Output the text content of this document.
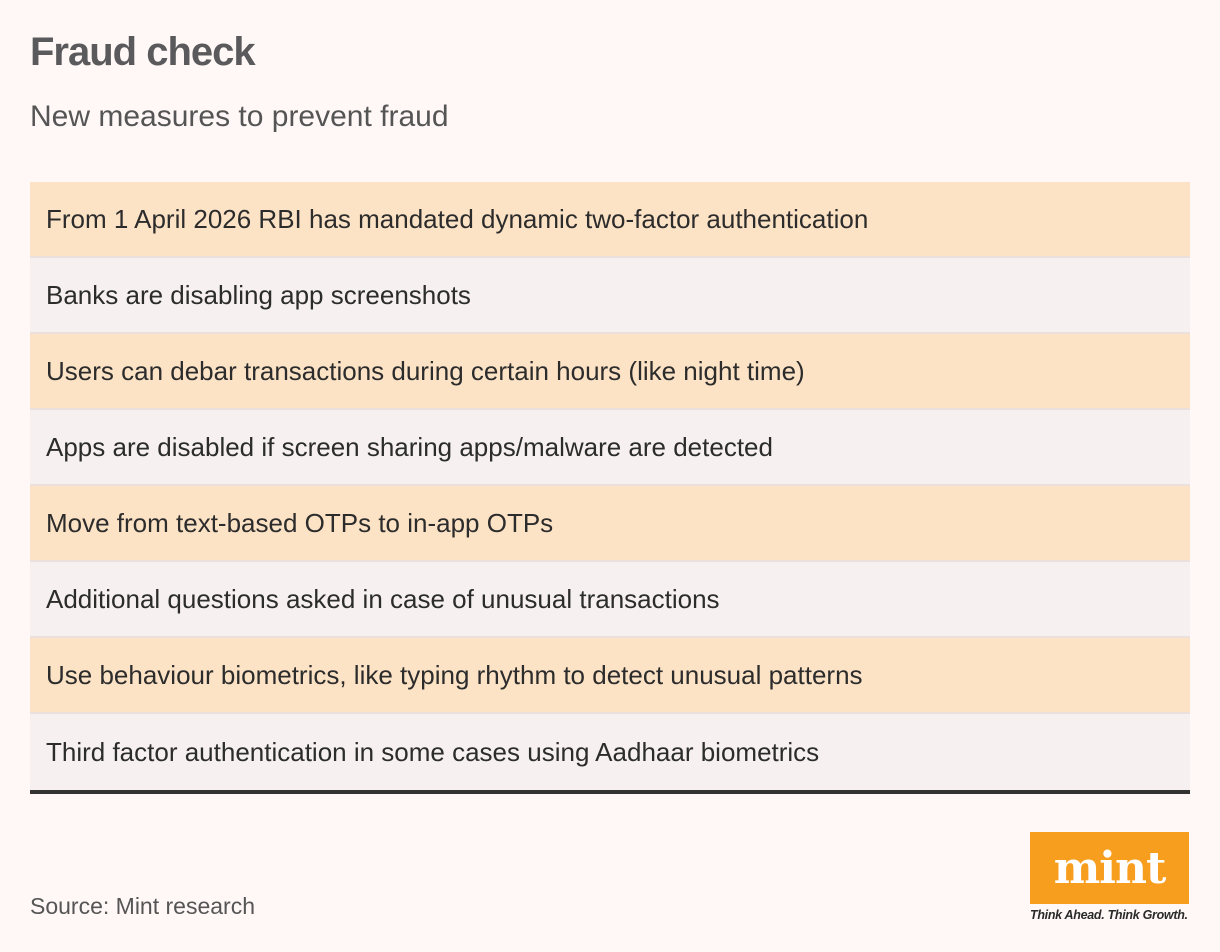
Fraud check
New measures to prevent fraud
From 1 April 2026 RBI has mandated dynamic two-factor authentication
Banks are disabling app screenshots
Users can debar transactions during certain hours (like night time)
Apps are disabled if screen sharing apps/malware are detected
Move from text-based OTPs to in-app OTPs
Additional questions asked in case of unusual transactions
Use behaviour biometrics, like typing rhythm to detect unusual patterns
Third factor authentication in some cases using Aadhaar biometrics
Source: Mint research
mint
Think Ahead. Think Growth.
